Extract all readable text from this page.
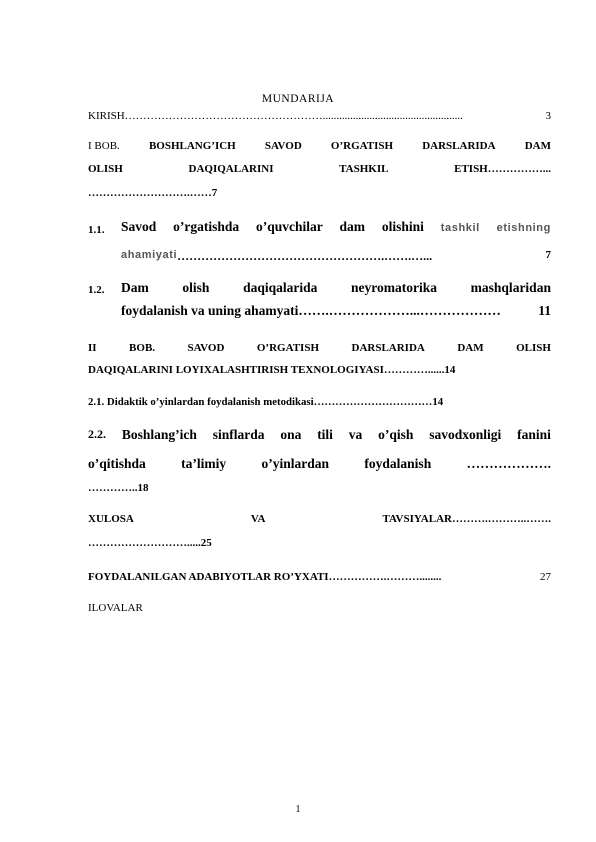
MUNDARIJA
KIRISH ………………………………………………...................................................	3
I BOB.	BOSHLANG’ICH	SAVOD	O’RGATISH	DARSLARIDA	DAM
OLISH	DAQIQALARINI	TASHKIL	ETISH……………...
……………………….……7
1.1. Savod o’rgatishda o’quvchilar dam olishini tashkil etishning
ahamiyati …………………………………………….…….…...	7
1.2. Dam olish daqiqalarida neyromatorika mashqlaridan
foydalanish va uning ahamyati…….………………...………………	11
II	BOB.	SAVOD	O’RGATISH	DARSLARIDA	DAM	OLISH
DAQIQALARINI LOYIXALASHTIRISH TEXNOLOGIYASI…………......14
2.1. Didaktik o’yinlardan foydalanish metodikasi……………………………14
2.2. Boshlang’ich sinflarda ona tili va o’qish savodxonligi fanini
o’qitishda	ta’limiy	o’yinlardan	foydalanish	……………….
…………..18
XULOSA	VA	TAVSIYALAR……….………..…….
……………………….....25
FOYDALANILGAN ADABIYOTLAR RO’YXATI…………….………........	27
ILOVALAR
1
